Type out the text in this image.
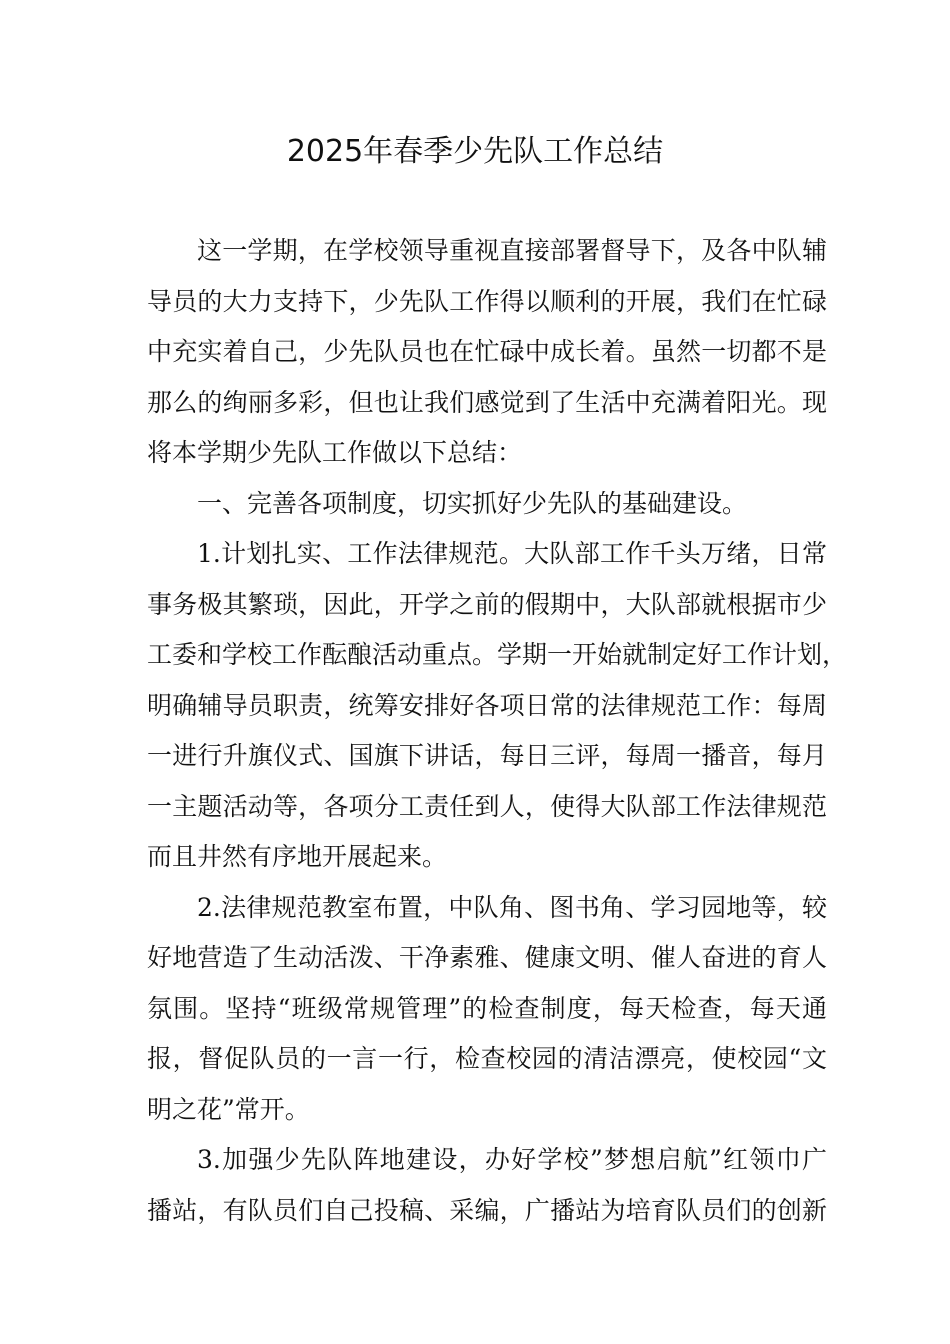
2025年春季少先队工作总结
这一学期，在学校领导重视直接部署督导下，及各中队辅
导员的大力支持下，少先队工作得以顺利的开展，我们在忙碌
中充实着自己，少先队员也在忙碌中成长着。虽然一切都不是
那么的绚丽多彩，但也让我们感觉到了生活中充满着阳光。现
将本学期少先队工作做以下总结：
一、完善各项制度，切实抓好少先队的基础建设。
1.计划扎实、工作法律规范。大队部工作千头万绪，日常
事务极其繁琐，因此，开学之前的假期中，大队部就根据市少
工委和学校工作酝酿活动重点。学期一开始就制定好工作计划，
明确辅导员职责，统筹安排好各项日常的法律规范工作：每周
一进行升旗仪式、国旗下讲话，每日三评，每周一播音，每月
一主题活动等，各项分工责任到人，使得大队部工作法律规范
而且井然有序地开展起来。
2.法律规范教室布置，中队角、图书角、学习园地等，较
好地营造了生动活泼、干净素雅、健康文明、催人奋进的育人
氛围。坚持“班级常规管理”的检查制度，每天检查，每天通
报，督促队员的一言一行，检查校园的清洁漂亮，使校园“文
明之花”常开。
3.加强少先队阵地建设，办好学校”梦想启航”红领巾广
播站，有队员们自己投稿、采编，广播站为培育队员们的创新
